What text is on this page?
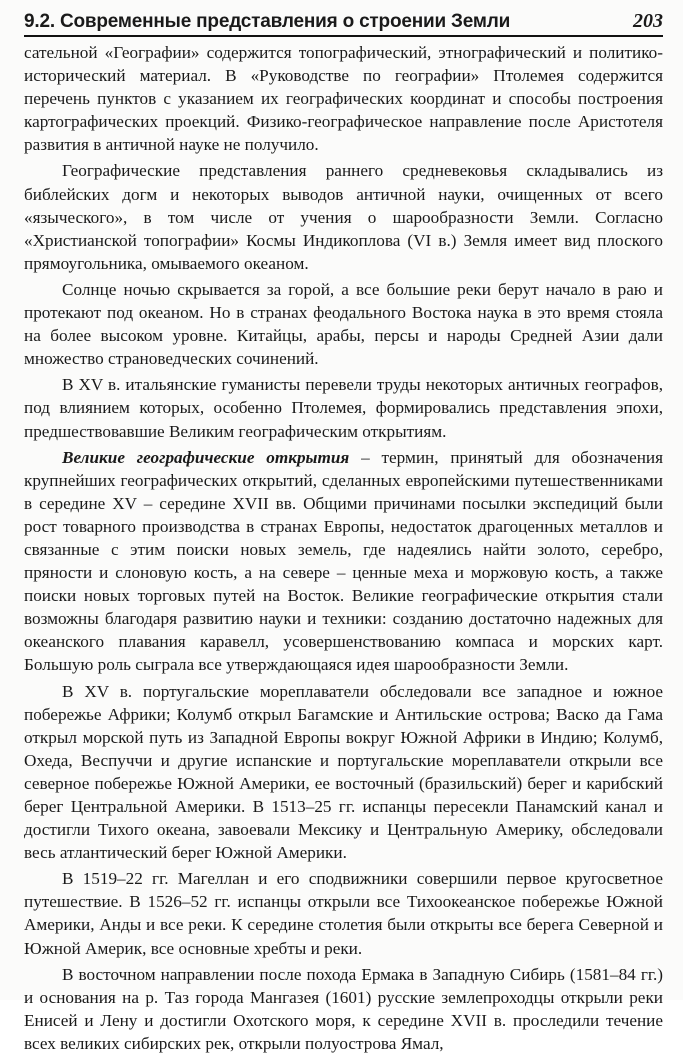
9.2. Современные представления о строении Земли	203

сательной «Географии» содержится топографический, этнографический и политико-исторический материал. В «Руководстве по географии» Птолемея содержится перечень пунктов с указанием их географических координат и способы построения картографических проекций. Физико-географическое направление после Аристотеля развития в античной науке не получило.

Географические представления раннего средневековья складывались из библейских догм и некоторых выводов античной науки, очищенных от всего «языческого», в том числе от учения о шарообразности Земли. Согласно «Христианской топографии» Космы Индикоплова (VI в.) Земля имеет вид плоского прямоугольника, омываемого океаном.

Солнце ночью скрывается за горой, а все большие реки берут начало в раю и протекают под океаном. Но в странах феодального Востока наука в это время стояла на более высоком уровне. Китайцы, арабы, персы и народы Средней Азии дали множество страноведческих сочинений.

В XV в. итальянские гуманисты перевели труды некоторых античных географов, под влиянием которых, особенно Птолемея, формировались представления эпохи, предшествовавшие Великим географическим открытиям.

Великие географические открытия – термин, принятый для обозначения крупнейших географических открытий, сделанных европейскими путешественниками в середине XV – середине XVII вв. Общими причинами посылки экспедиций были рост товарного производства в странах Европы, недостаток драгоценных металлов и связанные с этим поиски новых земель, где надеялись найти золото, серебро, пряности и слоновую кость, а на севере – ценные меха и моржовую кость, а также поиски новых торговых путей на Восток. Великие географические открытия стали возможны благодаря развитию науки и техники: созданию достаточно надежных для океанского плавания каравелл, усовершенствованию компаса и морских карт. Большую роль сыграла все утверждающаяся идея шарообразности Земли.

В XV в. португальские мореплаватели обследовали все западное и южное побережье Африки; Колумб открыл Багамские и Антильские острова; Васко да Гама открыл морской путь из Западной Европы вокруг Южной Африки в Индию; Колумб, Охеда, Веспуччи и другие испанские и португальские мореплаватели открыли все северное побережье Южной Америки, ее восточный (бразильский) берег и карибский берег Центральной Америки. В 1513–25 гг. испанцы пересекли Панамский канал и достигли Тихого океана, завоевали Мексику и Центральную Америку, обследовали весь атлантический берег Южной Америки.

В 1519–22 гг. Магеллан и его сподвижники совершили первое кругосветное путешествие. В 1526–52 гг. испанцы открыли все Тихоокеанское побережье Южной Америки, Анды и все реки. К середине столетия были открыты все берега Северной и Южной Америк, все основные хребты и реки.

В восточном направлении после похода Ермака в Западную Сибирь (1581–84 гг.) и основания на р. Таз города Мангазея (1601) русские землепроходцы открыли реки Енисей и Лену и достигли Охотского моря, к середине XVII в. проследили течение всех великих сибирских рек, открыли полуострова Ямал,
